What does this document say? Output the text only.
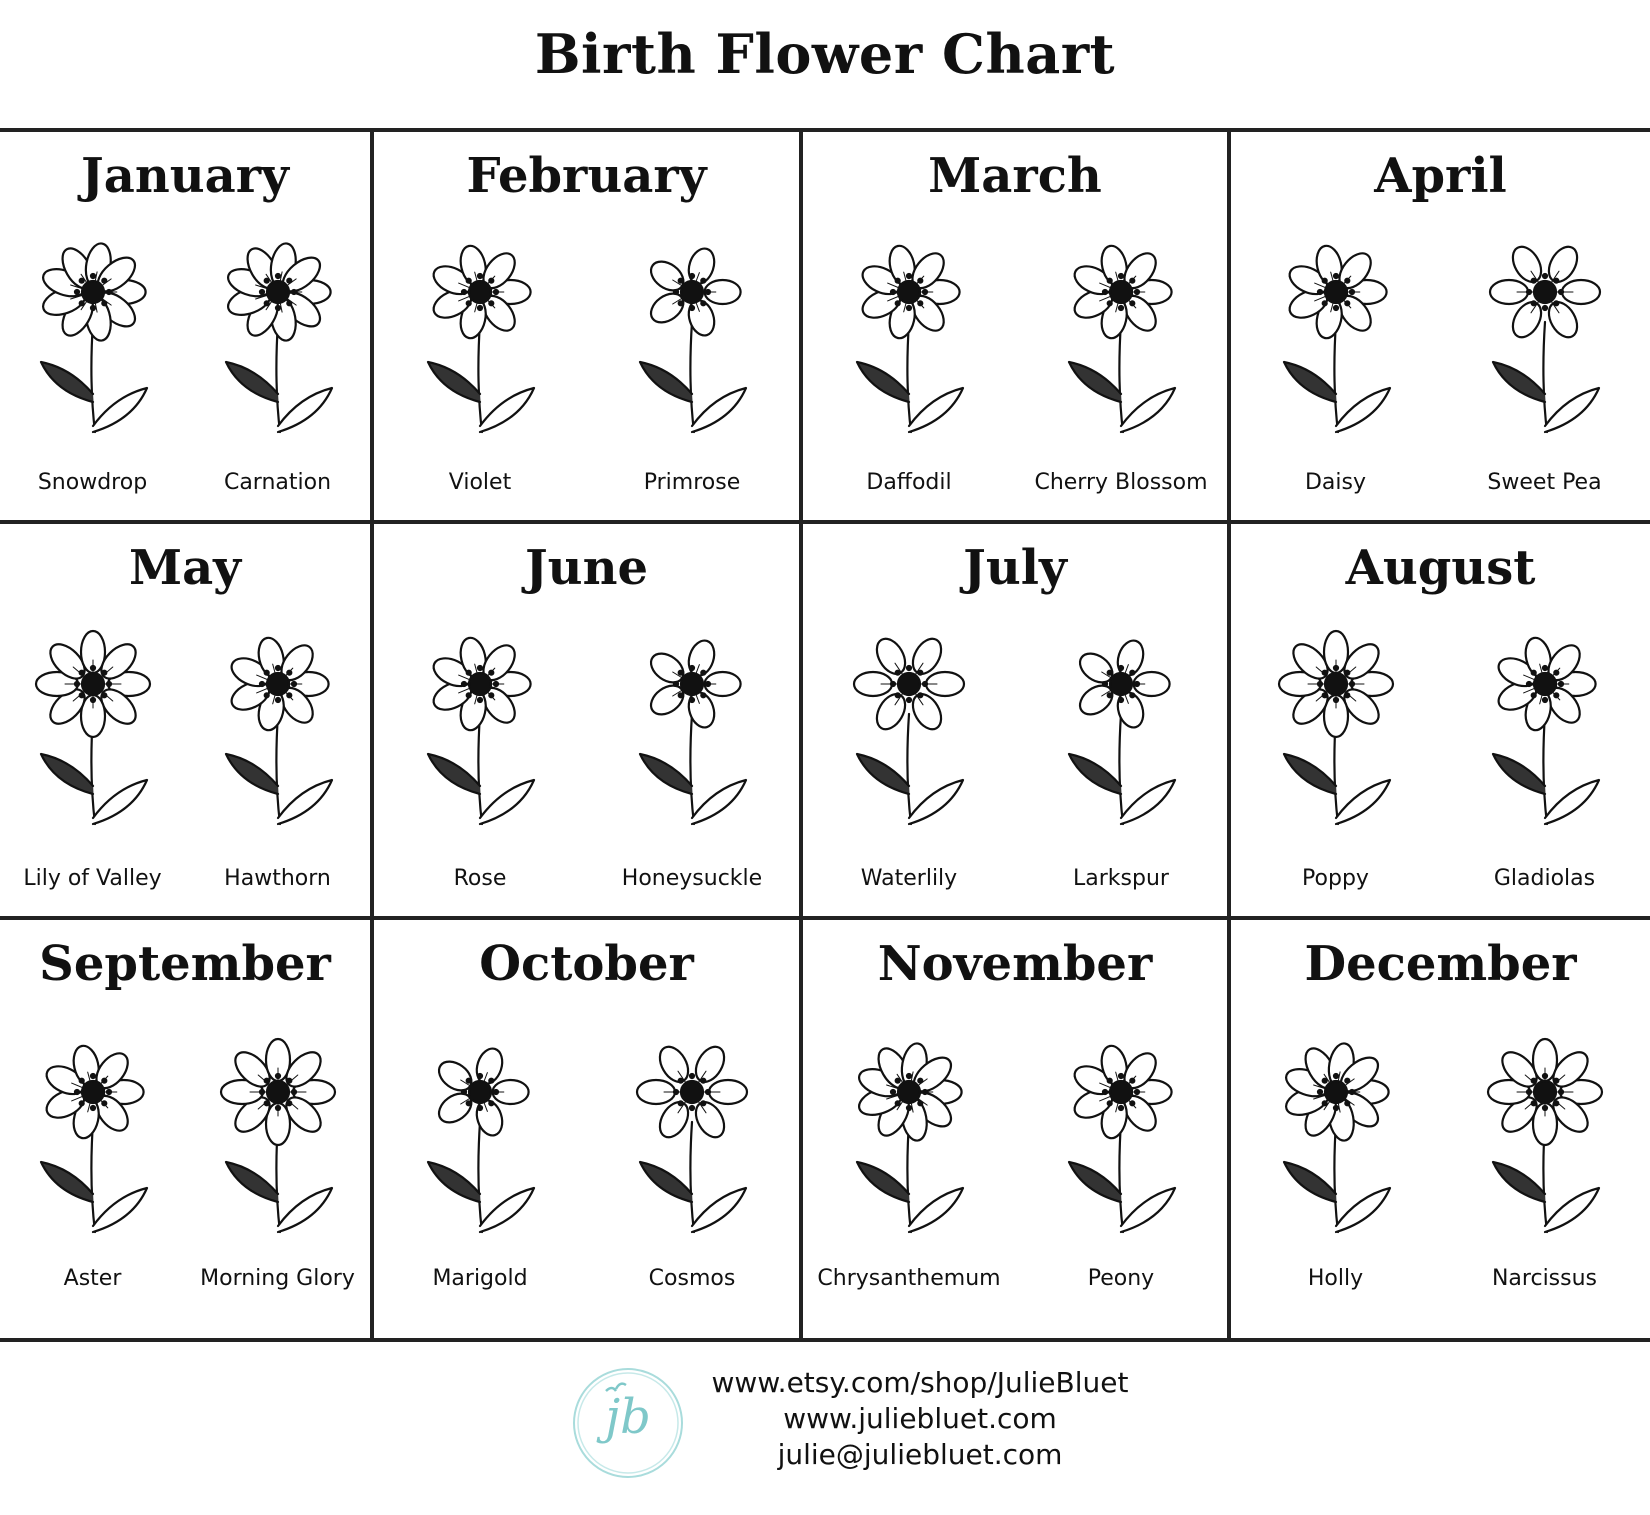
Birth Flower Chart
January
Snowdrop	Carnation
February
Violet	Primrose
March
Daffodil	Cherry Blossom
April
Daisy	Sweet Pea
May
Lily of Valley	Hawthorn
June
Rose	Honeysuckle
July
Waterlily	Larkspur
August
Poppy	Gladiolas
September
Aster	Morning Glory
October
Marigold	Cosmos
November
Chrysanthemum	Peony
December
Holly	Narcissus
jb
www.etsy.com/shop/JulieBluet
www.juliebluet.com
julie@juliebluet.com
